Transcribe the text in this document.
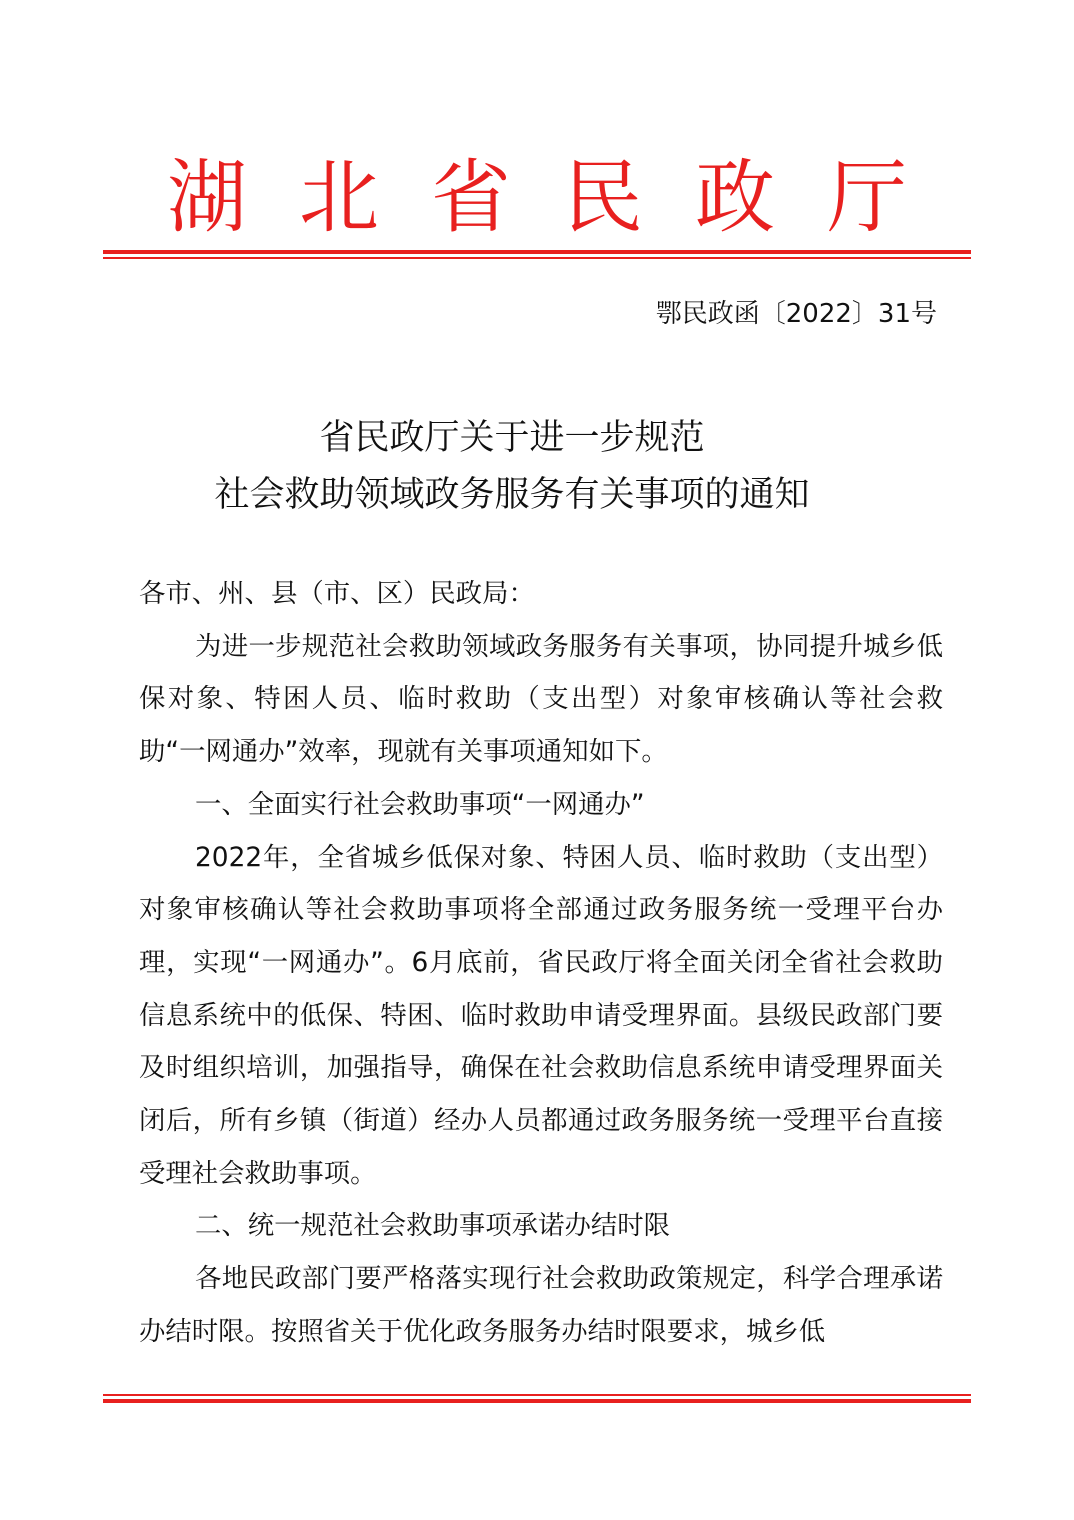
湖北省民政厅
鄂民政函〔2022〕31号
省民政厅关于进一步规范
社会救助领域政务服务有关事项的通知

各市、州、县（市、区）民政局：

为进一步规范社会救助领域政务服务有关事项，协同提升城乡低保对象、特困人员、临时救助（支出型）对象审核确认等社会救助“一网通办”效率，现就有关事项通知如下。

一、全面实行社会救助事项“一网通办”

2022年，全省城乡低保对象、特困人员、临时救助（支出型）对象审核确认等社会救助事项将全部通过政务服务统一受理平台办理，实现“一网通办”。6月底前，省民政厅将全面关闭全省社会救助信息系统中的低保、特困、临时救助申请受理界面。县级民政部门要及时组织培训，加强指导，确保在社会救助信息系统申请受理界面关闭后，所有乡镇（街道）经办人员都通过政务服务统一受理平台直接受理社会救助事项。

二、统一规范社会救助事项承诺办结时限

各地民政部门要严格落实现行社会救助政策规定，科学合理承诺办结时限。按照省关于优化政务服务办结时限要求，城乡低
